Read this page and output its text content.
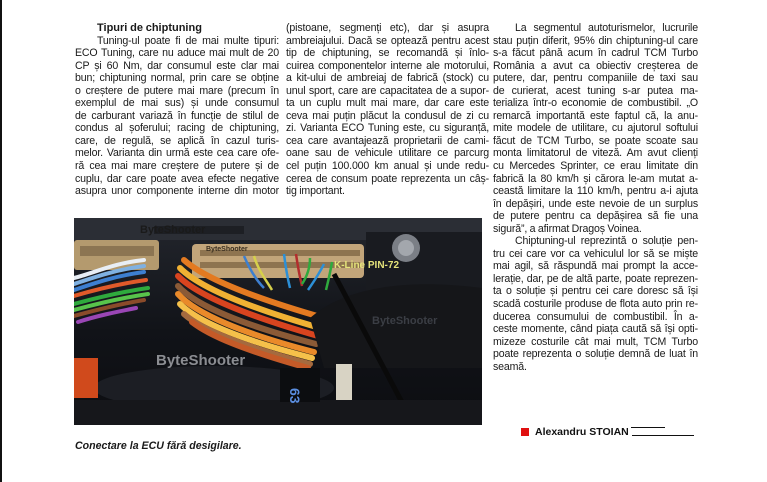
Tipuri de chiptuning
Tuning-ul poate fi de mai multe tipuri:
ECO Tuning, care nu aduce mai mult de 20
CP și 60 Nm, dar consumul este clar mai
bun; chiptuning normal, prin care se obține
o creștere de putere mai mare (precum în
exemplul de mai sus) și unde consumul
de carburant variază în funcție de stilul de
condus al șoferului; racing de chiptuning,
care, de regulă, se aplică în cazul turis-
melor. Varianta din urmă este cea care ofe-
ră cea mai mare creștere de putere și de
cuplu, dar care poate avea efecte negative
asupra unor componente interne din motor
(pistoane, segmenți etc), dar și asupra
ambreiajului. Dacă se optează pentru acest
tip de chiptuning, se recomandă și înlo-
cuirea componentelor interne ale motorului,
a kit-ului de ambreiaj de fabrică (stock) cu
unul sport, care are capacitatea de a supor-
ta un cuplu mult mai mare, dar care este
ceva mai puțin plăcut la condusul de zi cu
zi. Varianta ECO Tuning este, cu siguranță,
cea care avantajează proprietarii de cami-
oane sau de vehicule utilitare ce parcurg
cel puțin 100.000 km anual și unde redu-
cerea de consum poate reprezenta un câș-
tig important.
La segmentul autoturismelor, lucrurile
stau puțin diferit, 95% din chiptuning-ul care
s-a făcut până acum în cadrul TCM Turbo
România a avut ca obiectiv creșterea de
putere, dar, pentru companiile de taxi sau
de curierat, acest tuning s-ar putea ma-
terializa într-o economie de combustibil. „O
remarcă importantă este faptul că, la anu-
mite modele de utilitare, cu ajutorul softului
făcut de TCM Turbo, se poate scoate sau
monta limitatorul de viteză. Am avut clienți
cu Mercedes Sprinter, ce erau limitate din
fabrică la 80 km/h și cărora le-am mutat a-
ceastă limitare la 110 km/h, pentru a-i ajuta
în depășiri, unde este nevoie de un surplus
de putere pentru ca depășirea să fie una
sigură”, a afirmat Dragoș Voinea.
Chiptuning-ul reprezintă o soluție pen-
tru cei care vor ca vehiculul lor să se miște
mai agil, să răspundă mai prompt la acce-
lerație, dar, pe de altă parte, poate reprezen-
ta o soluție și pentru cei care doresc să își
scadă costurile produse de flota auto prin re-
ducerea consumului de combustibil. În a-
ceste momente, când piața caută să își opti-
mizeze costurile cât mai mult, TCM Turbo
poate reprezenta o soluție demnă de luat în
seamă.
63
ByteShooter
ByteShooter
ByteShooter
ByteShooter
K-Line PIN-72
Conectare la ECU fără desigilare.
Alexandru STOIAN
